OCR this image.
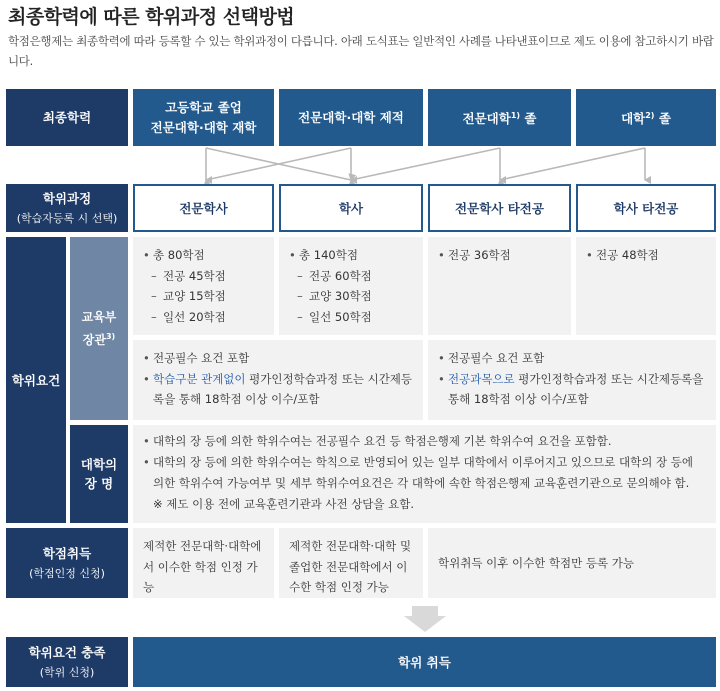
최종학력에 따른 학위과정 선택방법
학점은행제는 최종학력에 따라 등록할 수 있는 학위과정이 다릅니다. 아래 도식표는 일반적인 사례를 나타낸표이므로 제도 이용에 참고하시기 바랍니다.
최종학력
고등학교 졸업
전문대학·대학 재학
전문대학·대학 제적	전문대학$^{1)}$ 졸	대학$^{2)}$ 졸
학위과정
(학습자등록 시 선택)
전문학사	학사	전문학사 타전공	학사 타전공
학위요건
교육부
장관$^{3)}$
• 총 80학점
– 전공 45학점
– 교양 15학점
– 일선 20학점
• 총 140학점
– 전공 60학점
– 교양 30학점
– 일선 50학점
• 전공 36학점
•	전공 48학점
• 전공필수 요건 포함
• 학습구분 관계없이 평가인정학습과정 또는 시간제등록을 통해 18학점 이상 이수/포함
• 전공필수 요건 포함
• 전공과목으로 평가인정학습과정 또는 시간제등록을 통해 18학점 이상 이수/포함
대학의
장 명
• 대학의 장 등에 의한 학위수여는 전공필수 요건 등 학점은행제 기본 학위수여 요건을 포함함.
• 대학의 장 등에 의한 학위수여는 학칙으로 반영되어 있는 일부 대학에서 이루어지고 있으므로 대학의 장 등에 의한 학위수여 가능여부 및 세부 학위수여요건은 각 대학에 속한 학점은행제 교육훈련기관으로 문의해야 함.
※ 제도 이용 전에 교육훈련기관과 사전 상담을 요함.
학점취득
(학점인정 신청)
제적한 전문대학·대학에서 이수한 학점 인정 가능
제적한 전문대학·대학 및 졸업한 전문대학에서 이수한 학점 인정 가능
학위취득 이후 이수한 학점만 등록 가능
학위요건 충족
(학위 신청)
학위 취득
